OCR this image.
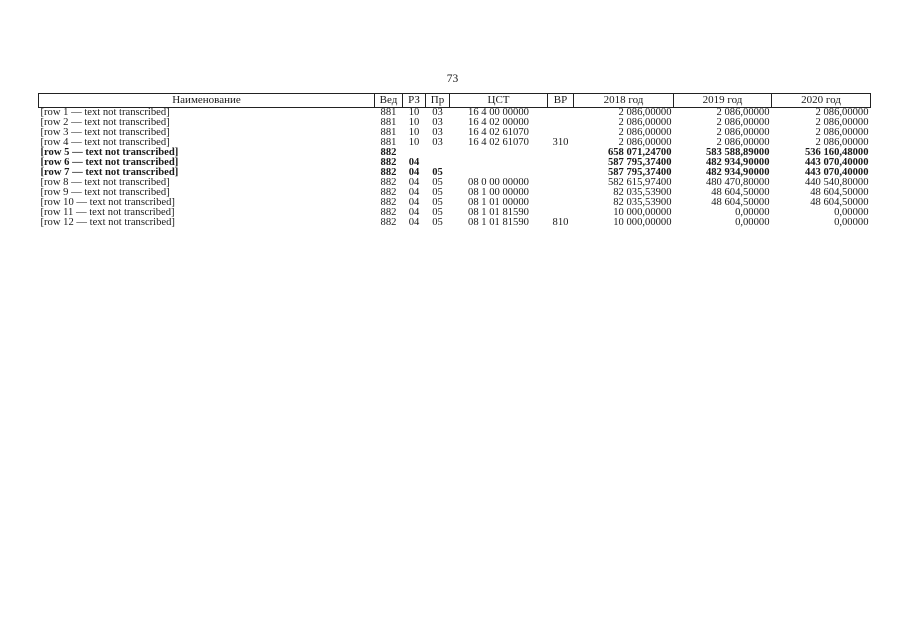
73
Наименование	Вед	РЗ	Пр	ЦСТ	ВР	2018 год	2019 год	2020 год
[row 1 — text not transcribed]	881	10	03	16 4 00 00000		2 086,00000	2 086,00000	2 086,00000
[row 2 — text not transcribed]	881	10	03	16 4 02 00000		2 086,00000	2 086,00000	2 086,00000
[row 3 — text not transcribed]	881	10	03	16 4 02 61070		2 086,00000	2 086,00000	2 086,00000
[row 4 — text not transcribed]	881	10	03	16 4 02 61070	310	2 086,00000	2 086,00000	2 086,00000
[row 5 — text not transcribed]	882					658 071,24700	583 588,89000	536 160,48000
[row 6 — text not transcribed]	882	04				587 795,37400	482 934,90000	443 070,40000
[row 7 — text not transcribed]	882	04	05			587 795,37400	482 934,90000	443 070,40000
[row 8 — text not transcribed]	882	04	05	08 0 00 00000		582 615,97400	480 470,80000	440 540,80000
[row 9 — text not transcribed]	882	04	05	08 1 00 00000		82 035,53900	48 604,50000	48 604,50000
[row 10 — text not transcribed]	882	04	05	08 1 01 00000		82 035,53900	48 604,50000	48 604,50000
[row 11 — text not transcribed]	882	04	05	08 1 01 81590		10 000,00000	0,00000	0,00000
[row 12 — text not transcribed]	882	04	05	08 1 01 81590	810	10 000,00000	0,00000	0,00000
